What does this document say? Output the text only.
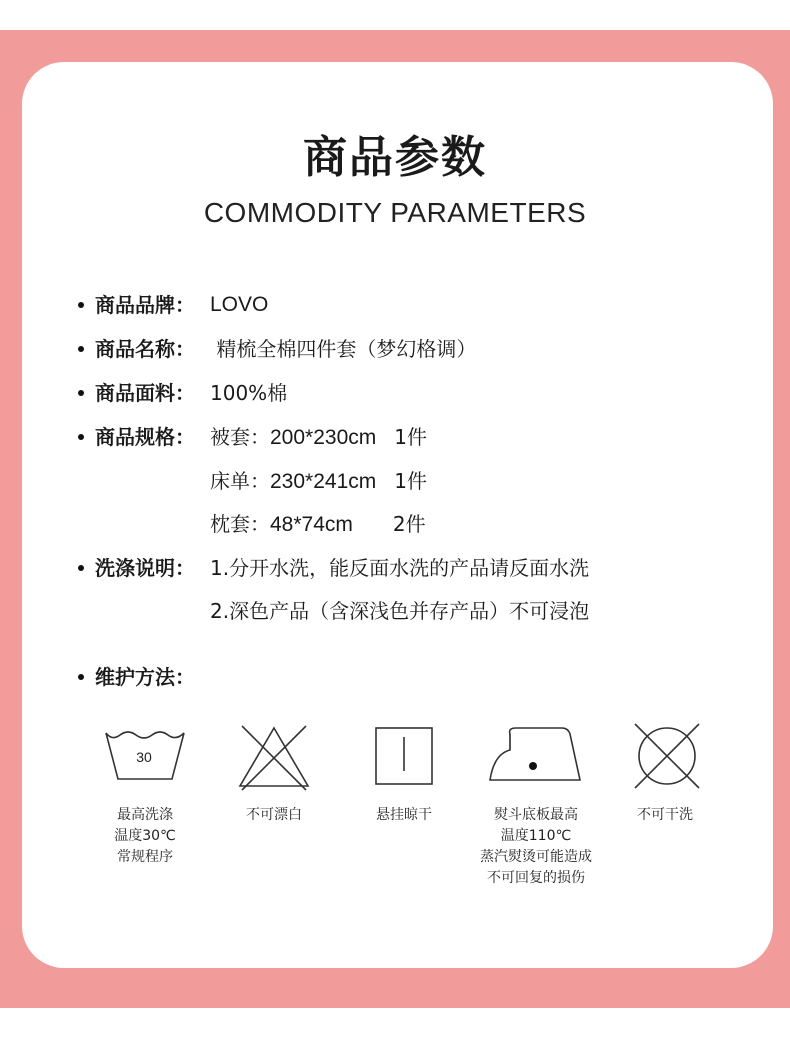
商品参数
COMMODITY PARAMETERS
商品品牌： LOVO
商品名称： 精梳全棉四件套（梦幻格调）
商品面料： 100%棉
商品规格： 被套：200*230cm 1件
床单：230*241cm 1件
枕套：48*74cm 2件
洗涤说明： 1.分开水洗，能反面水洗的产品请反面水洗
2.深色产品（含深浅色并存产品）不可浸泡
维护方法：
30
最高洗涤
温度30℃
常规程序
不可漂白	悬挂晾干	熨斗底板最高
温度110℃
蒸汽熨烫可能造成
不可回复的损伤
不可干洗
